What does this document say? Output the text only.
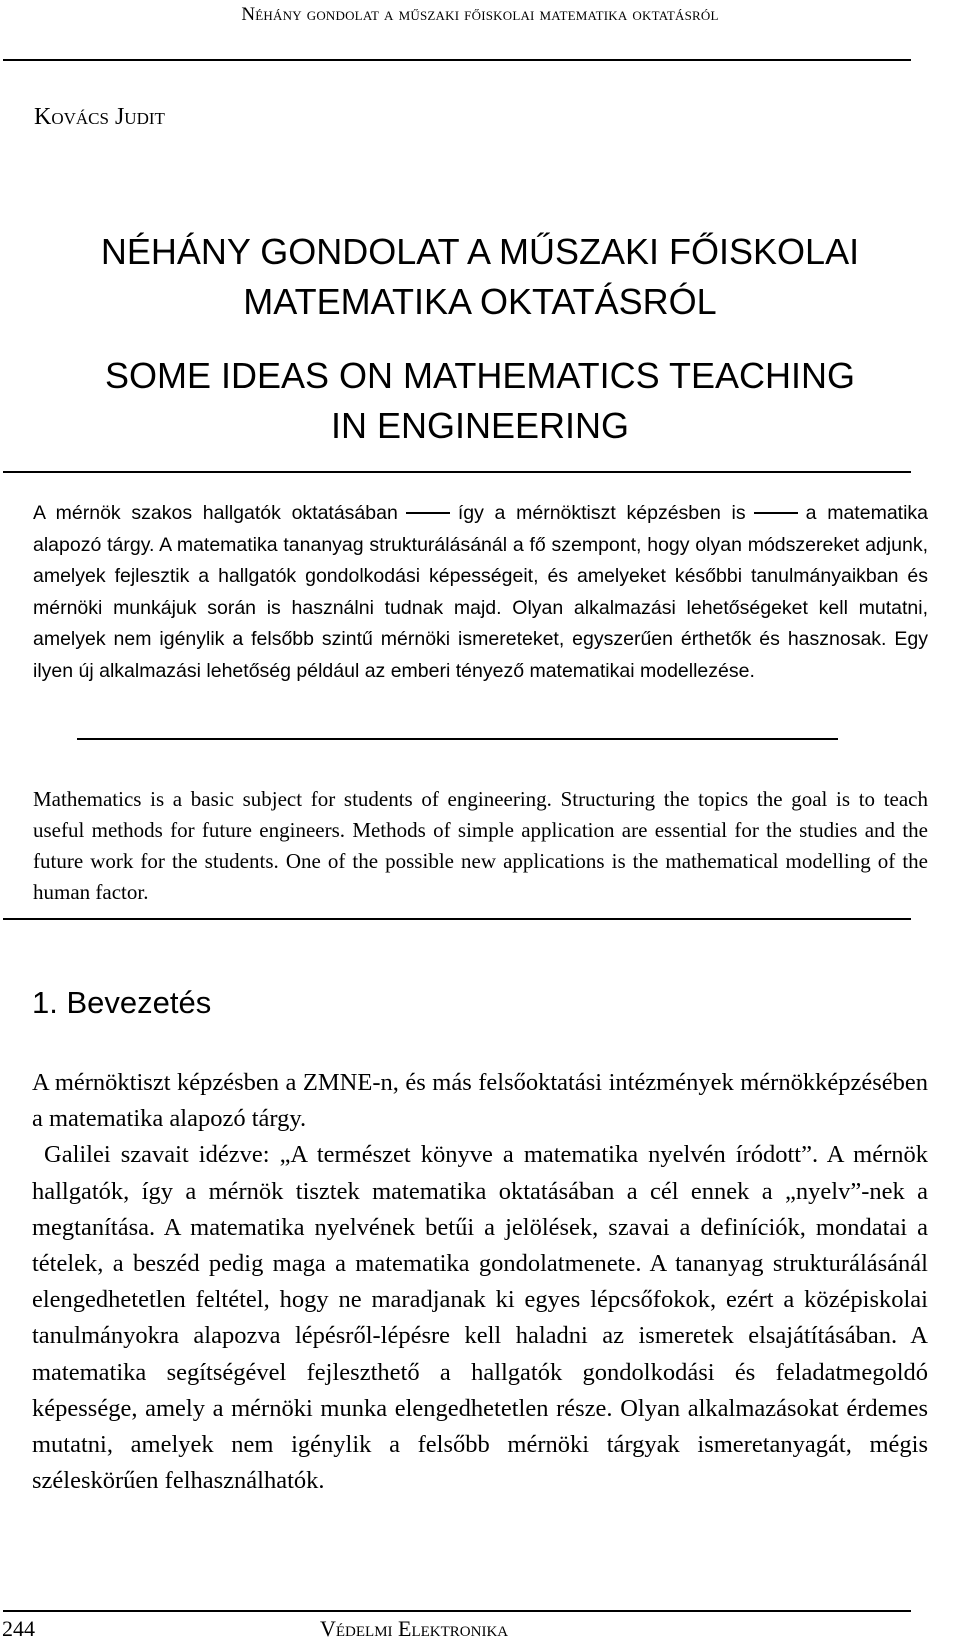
Néhány gondolat a műszaki főiskolai matematika oktatásról
Kovács Judit
NÉHÁNY GONDOLAT A MŰSZAKI FŐISKOLAI
MATEMATIKA OKTATÁSRÓL
SOME IDEAS ON MATHEMATICS TEACHING
IN ENGINEERING

A mérnök szakos hallgatók oktatásában	így a mérnöktiszt képzésben is	a matematika alapozó tárgy. A matematika tananyag strukturálásánál a fő szempont, hogy olyan módszereket adjunk, amelyek fejlesztik a hallgatók gondolkodási képességeit, és amelyeket későbbi tanulmányaikban és mérnöki munkájuk során is használni tudnak majd. Olyan alkalmazási lehetőségeket kell mutatni, amelyek nem igénylik a felsőbb szintű mérnöki ismereteket, egyszerűen érthetők és hasznosak. Egy ilyen új alkalmazási lehetőség például az emberi tényező matematikai modellezése.

Mathematics is a basic subject for students of engineering. Structuring the topics the goal is to teach useful methods for future engineers. Methods of simple application are essential for the studies and the future work for the students. One of the possible new applications is the mathematical modelling of the human factor.

1. Bevezetés

A mérnöktiszt képzésben a ZMNE-n, és más felsőoktatási intézmények mérnökképzésében a matematika alapozó tárgy.

Galilei szavait idézve: „A természet könyve a matematika nyelvén íródott”. A mérnök hallgatók, így a mérnök tisztek matematika oktatásában a cél ennek a „nyelv”-nek a megtanítása. A matematika nyelvének betűi a jelölések, szavai a definíciók, mondatai a tételek, a beszéd pedig maga a matematika gondolatmenete. A tananyag strukturálásánál elengedhetetlen feltétel, hogy ne maradjanak ki egyes lépcsőfokok, ezért a középiskolai tanulmányokra alapozva lépésről-lépésre kell haladni az ismeretek elsajátításában. A matematika segítségével fejleszthető a hallgatók gondolkodási és feladatmegoldó képessége, amely a mérnöki munka elengedhetetlen része. Olyan alkalmazásokat érdemes mutatni, amelyek nem igénylik a felsőbb mérnöki tárgyak ismeretanyagát, mégis széleskörűen felhasználhatók.

244	Védelmi Elektronika
